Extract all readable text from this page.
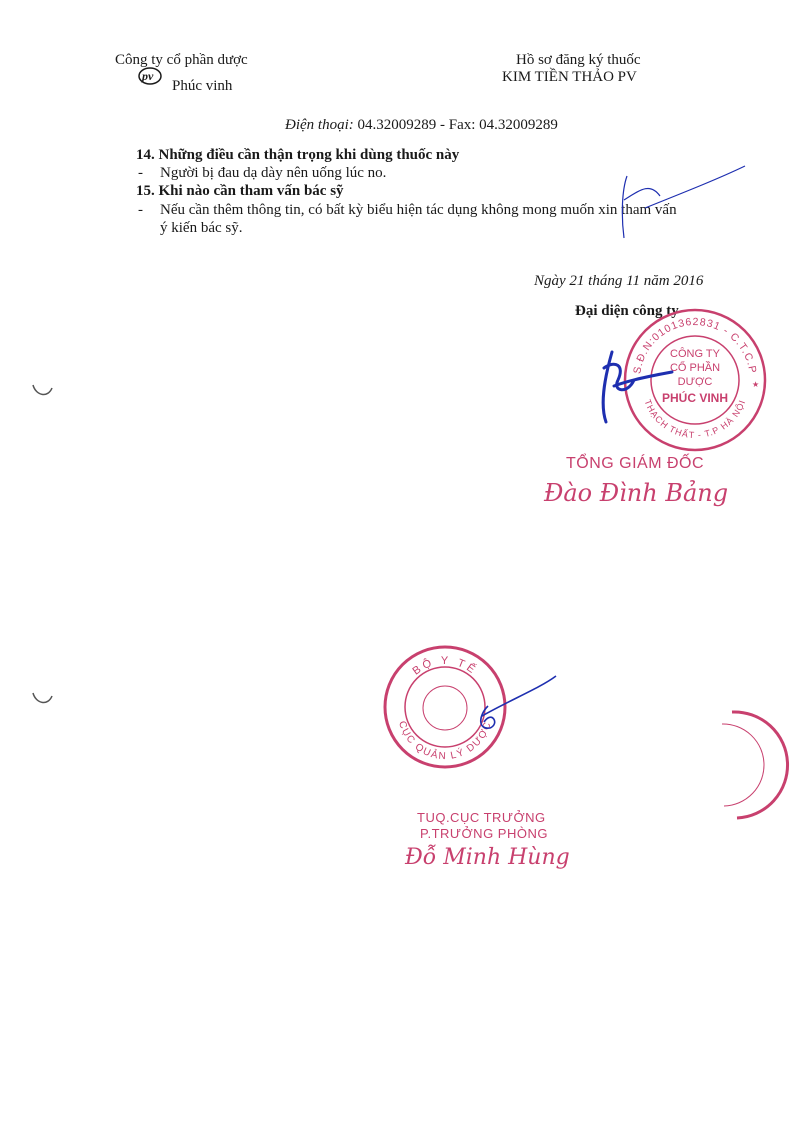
Công ty cổ phần dược
pv
Phúc vinh
Hồ sơ đăng ký thuốc
KIM TIỀN THẢO PV
Điện thoại: 04.32009289 - Fax: 04.32009289
14. Những điều cần thận trọng khi dùng thuốc này
- Người bị đau dạ dày nên uống lúc no.
15. Khi nào cần tham vấn bác sỹ
- Nếu cần thêm thông tin, có bất kỳ biểu hiện tác dụng không mong muốn xin tham vấn
ý kiến bác sỹ.
Ngày 21 tháng 11 năm 2016
Đại diện công ty
S.Đ.N:0101362831 - C.T.C.P
THẠCH THẤT - T.P HÀ NỘI
CÔNG TY
CỔ PHẦN
DƯỢC
PHÚC VINH
★
TỔNG GIÁM ĐỐC
Đào Đình Bảng
BỘ Y TẾ
CỤC QUẢN LÝ DƯỢC
TUQ.CỤC TRƯỞNG
P.TRƯỞNG PHÒNG
Đỗ Minh Hùng
